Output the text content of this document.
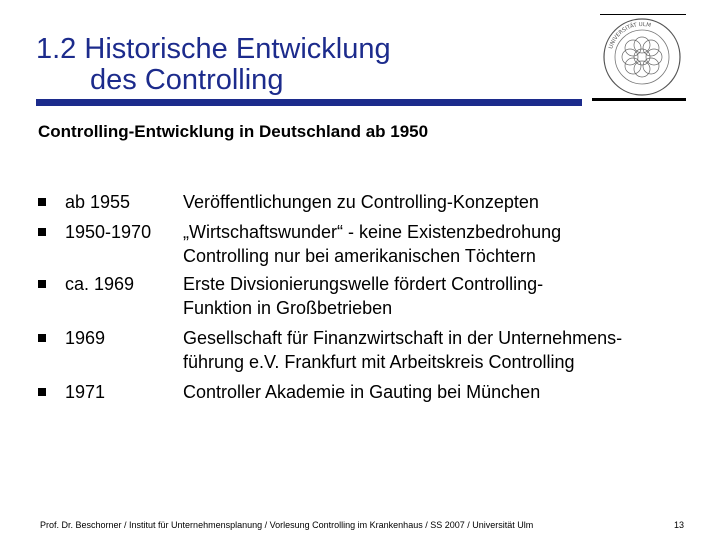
1.2 Historische Entwicklung
des Controlling
UNIVERSITÄT ULM
Controlling-Entwicklung in Deutschland ab 1950
ab 1955	Veröffentlichungen zu Controlling-Konzepten
1950-1970 „Wirtschaftswunder“ - keine Existenzbedrohung
Controlling nur bei amerikanischen Töchtern
ca. 1969	Erste Divsionierungswelle fördert Controlling-
Funktion in Großbetrieben
1969	Gesellschaft für Finanzwirtschaft in der Unternehmens-
führung e.V. Frankfurt mit Arbeitskreis Controlling
1971	Controller Akademie in Gauting bei München
Prof. Dr. Beschorner / Institut für Unternehmensplanung / Vorlesung Controlling im Krankenhaus / SS 2007 / Universität Ulm	13
